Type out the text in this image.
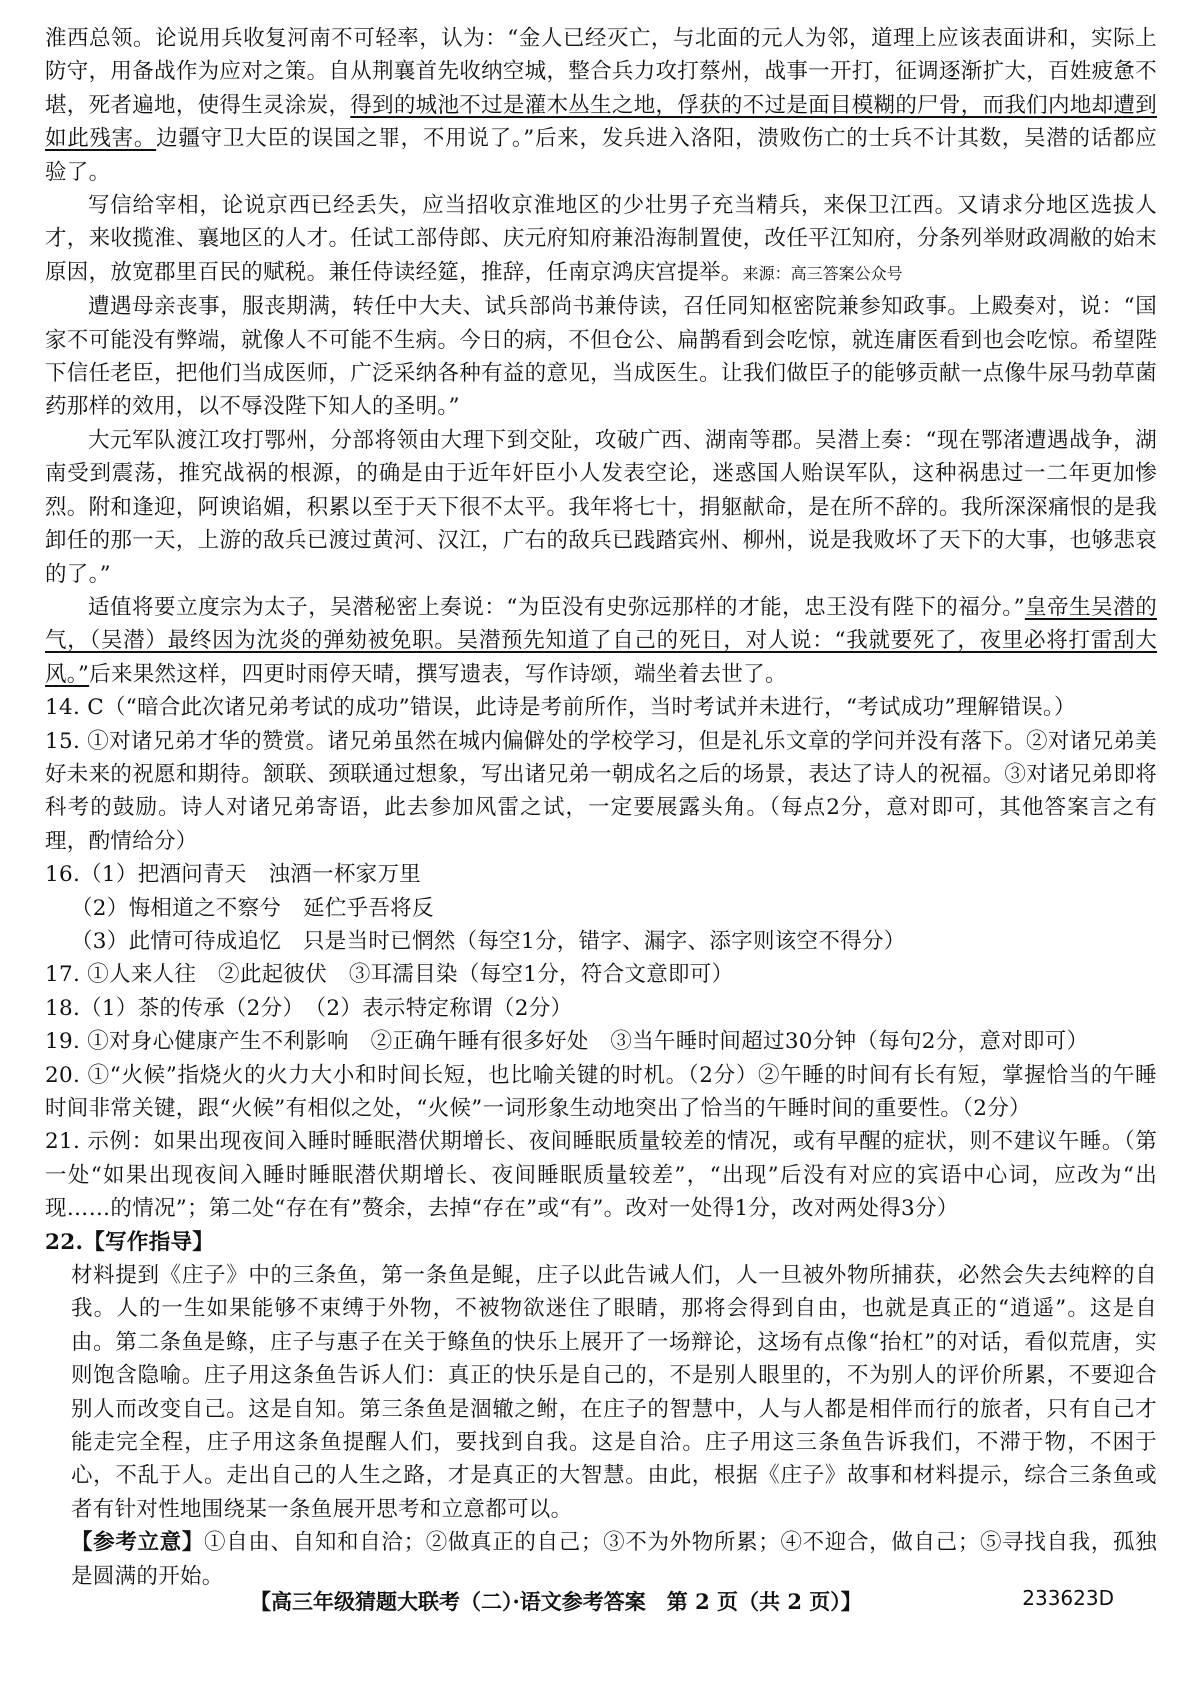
淮西总领。论说用兵收复河南不可轻率，认为：“金人已经灭亡，与北面的元人为邻，道理上应该表面讲和，实际上防守，用备战作为应对之策。自从荆襄首先收纳空城，整合兵力攻打蔡州，战事一开打，征调逐渐扩大，百姓疲惫不堪，死者遍地，使得生灵涂炭，得到的城池不过是灌木丛生之地，俘获的不过是面目模糊的尸骨，而我们内地却遭到如此残害。边疆守卫大臣的误国之罪，不用说了。”后来，发兵进入洛阳，溃败伤亡的士兵不计其数，吴潜的话都应验了。

写信给宰相，论说京西已经丢失，应当招收京淮地区的少壮男子充当精兵，来保卫江西。又请求分地区选拔人才，来收揽淮、襄地区的人才。任试工部侍郎、庆元府知府兼沿海制置使，改任平江知府，分条列举财政凋敝的始末原因，放宽郡里百民的赋税。兼任侍读经筵，推辞，任南京鸿庆宫提举。来源：高三答案公众号

遭遇母亲丧事，服丧期满，转任中大夫、试兵部尚书兼侍读，召任同知枢密院兼参知政事。上殿奏对，说：“国家不可能没有弊端，就像人不可能不生病。今日的病，不但仓公、扁鹊看到会吃惊，就连庸医看到也会吃惊。希望陛下信任老臣，把他们当成医师，广泛采纳各种有益的意见，当成医生。让我们做臣子的能够贡献一点像牛尿马勃草菌药那样的效用，以不辱没陛下知人的圣明。”

大元军队渡江攻打鄂州，分部将领由大理下到交阯，攻破广西、湖南等郡。吴潜上奏：“现在鄂渚遭遇战争，湖南受到震荡，推究战祸的根源，的确是由于近年奸臣小人发表空论，迷惑国人贻误军队，这种祸患过一二年更加惨烈。附和逢迎，阿谀谄媚，积累以至于天下很不太平。我年将七十，捐躯献命，是在所不辞的。我所深深痛恨的是我卸任的那一天，上游的敌兵已渡过黄河、汉江，广右的敌兵已践踏宾州、柳州，说是我败坏了天下的大事，也够悲哀的了。”

适值将要立度宗为太子，吴潜秘密上奏说：“为臣没有史弥远那样的才能，忠王没有陛下的福分。”皇帝生吴潜的气，（吴潜）最终因为沈炎的弹劾被免职。吴潜预先知道了自己的死日，对人说：“我就要死了，夜里必将打雷刮大风。”后来果然这样，四更时雨停天晴，撰写遗表，写作诗颂，端坐着去世了。

14. C（“暗合此次诸兄弟考试的成功”错误，此诗是考前所作，当时考试并未进行，“考试成功”理解错误。）

15. ①对诸兄弟才华的赞赏。诸兄弟虽然在城内偏僻处的学校学习，但是礼乐文章的学问并没有落下。②对诸兄弟美好未来的祝愿和期待。颔联、颈联通过想象，写出诸兄弟一朝成名之后的场景，表达了诗人的祝福。③对诸兄弟即将科考的鼓励。诗人对诸兄弟寄语，此去参加风雷之试，一定要展露头角。（每点2分，意对即可，其他答案言之有理，酌情给分）

16.（1）把酒问青天　浊酒一杯家万里

（2）悔相道之不察兮　延伫乎吾将反

（3）此情可待成追忆　只是当时已惘然（每空1分，错字、漏字、添字则该空不得分）

17. ①人来人往　②此起彼伏　③耳濡目染（每空1分，符合文意即可）

18.（1）茶的传承（2分）　（2）表示特定称谓（2分）

19. ①对身心健康产生不利影响　②正确午睡有很多好处　③当午睡时间超过30分钟（每句2分，意对即可）

20. ①“火候”指烧火的火力大小和时间长短，也比喻关键的时机。（2分）②午睡的时间有长有短，掌握恰当的午睡时间非常关键，跟“火候”有相似之处，“火候”一词形象生动地突出了恰当的午睡时间的重要性。（2分）

21. 示例：如果出现夜间入睡时睡眠潜伏期增长、夜间睡眠质量较差的情况，或有早醒的症状，则不建议午睡。（第一处“如果出现夜间入睡时睡眠潜伏期增长、夜间睡眠质量较差”，“出现”后没有对应的宾语中心词，应改为“出现……的情况”；第二处“存在有”赘余，去掉“存在”或“有”。改对一处得1分，改对两处得3分）

22.【写作指导】

材料提到《庄子》中的三条鱼，第一条鱼是鲲，庄子以此告诫人们，人一旦被外物所捕获，必然会失去纯粹的自我。人的一生如果能够不束缚于外物，不被物欲迷住了眼睛，那将会得到自由，也就是真正的“逍遥”。这是自由。第二条鱼是鲦，庄子与惠子在关于鲦鱼的快乐上展开了一场辩论，这场有点像“抬杠”的对话，看似荒唐，实则饱含隐喻。庄子用这条鱼告诉人们：真正的快乐是自己的，不是别人眼里的，不为别人的评价所累，不要迎合别人而改变自己。这是自知。第三条鱼是涸辙之鲋，在庄子的智慧中，人与人都是相伴而行的旅者，只有自己才能走完全程，庄子用这条鱼提醒人们，要找到自我。这是自洽。庄子用这三条鱼告诉我们，不滞于物，不困于心，不乱于人。走出自己的人生之路，才是真正的大智慧。由此，根据《庄子》故事和材料提示，综合三条鱼或者有针对性地围绕某一条鱼展开思考和立意都可以。

【参考立意】①自由、自知和自洽；②做真正的自己；③不为外物所累；④不迎合，做自己；⑤寻找自我，孤独是圆满的开始。

【高三年级猜题大联考（二）·语文参考答案　第 2 页（共 2 页）】	233623D
